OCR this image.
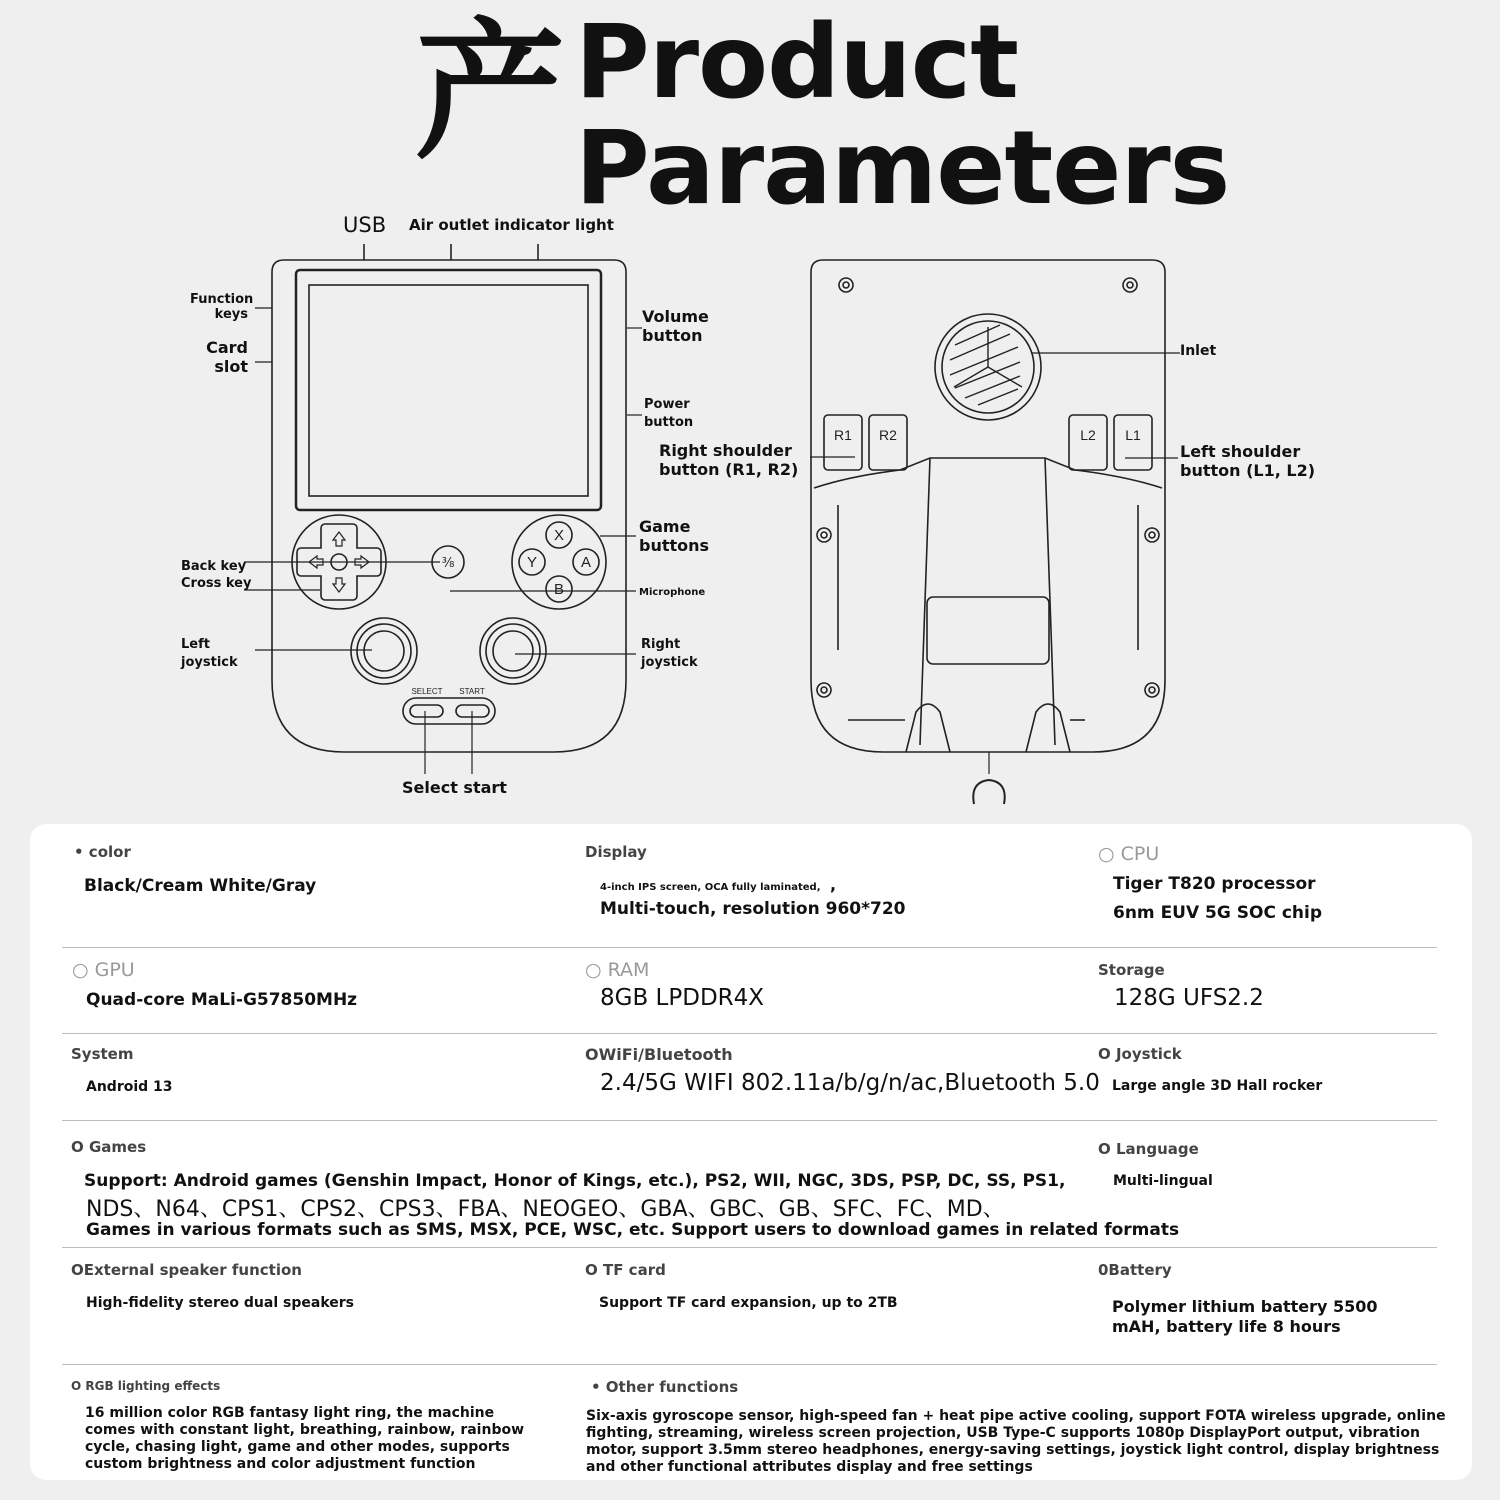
产 Product
Parameters
⅜
X
B
Y	A
SELECT START
R1 R2	L2 L1
USB Air outlet indicator light
Function
keys
Card
slot
Volume
button
Power
button
Right shoulder
button (R1, R2)
Game
buttons
Back key
Cross key
Microphone
Left
joystick
Right
joystick
Select start
Inlet
Left shoulder
button (L1, L2)
• color
Black/Cream White/Gray
Display
4-inch IPS screen, OCA fully laminated, ,
Multi-touch, resolution 960*720
○ CPU
Tiger T820 processor
6nm EUV 5G SOC chip
○ GPU
Quad-core MaLi-G57850MHz
○ RAM
8GB LPDDR4X
Storage
128G UFS2.2
System
Android 13
OWiFi/Bluetooth
2.4/5G WIFI 802.11a/b/g/n/ac,Bluetooth 5.0
O Joystick
Large angle 3D Hall rocker
O Games
Support: Android games (Genshin Impact, Honor of Kings, etc.), PS2, WII, NGC, 3DS, PSP, DC, SS, PS1,
NDS、N64、CPS1、CPS2、CPS3、FBA、NEOGEO、GBA、GBC、GB、SFC、FC、MD、
Games in various formats such as SMS, MSX, PCE, WSC, etc. Support users to download games in related formats
O Language
Multi-lingual
OExternal speaker function
High-fidelity stereo dual speakers
O TF card
Support TF card expansion, up to 2TB
0Battery
Polymer lithium battery 5500 mAH, battery life 8 hours
O RGB lighting effects
16 million color RGB fantasy light ring, the machine comes with constant light, breathing, rainbow, rainbow cycle, chasing light, game and other modes, supports custom brightness and color adjustment function
• Other functions
Six-axis gyroscope sensor, high-speed fan + heat pipe active cooling, support FOTA wireless upgrade, online fighting, streaming, wireless screen projection, USB Type-C supports 1080p DisplayPort output, vibration motor, support 3.5mm stereo headphones, energy-saving settings, joystick light control, display brightness and other functional attributes display and free settings
